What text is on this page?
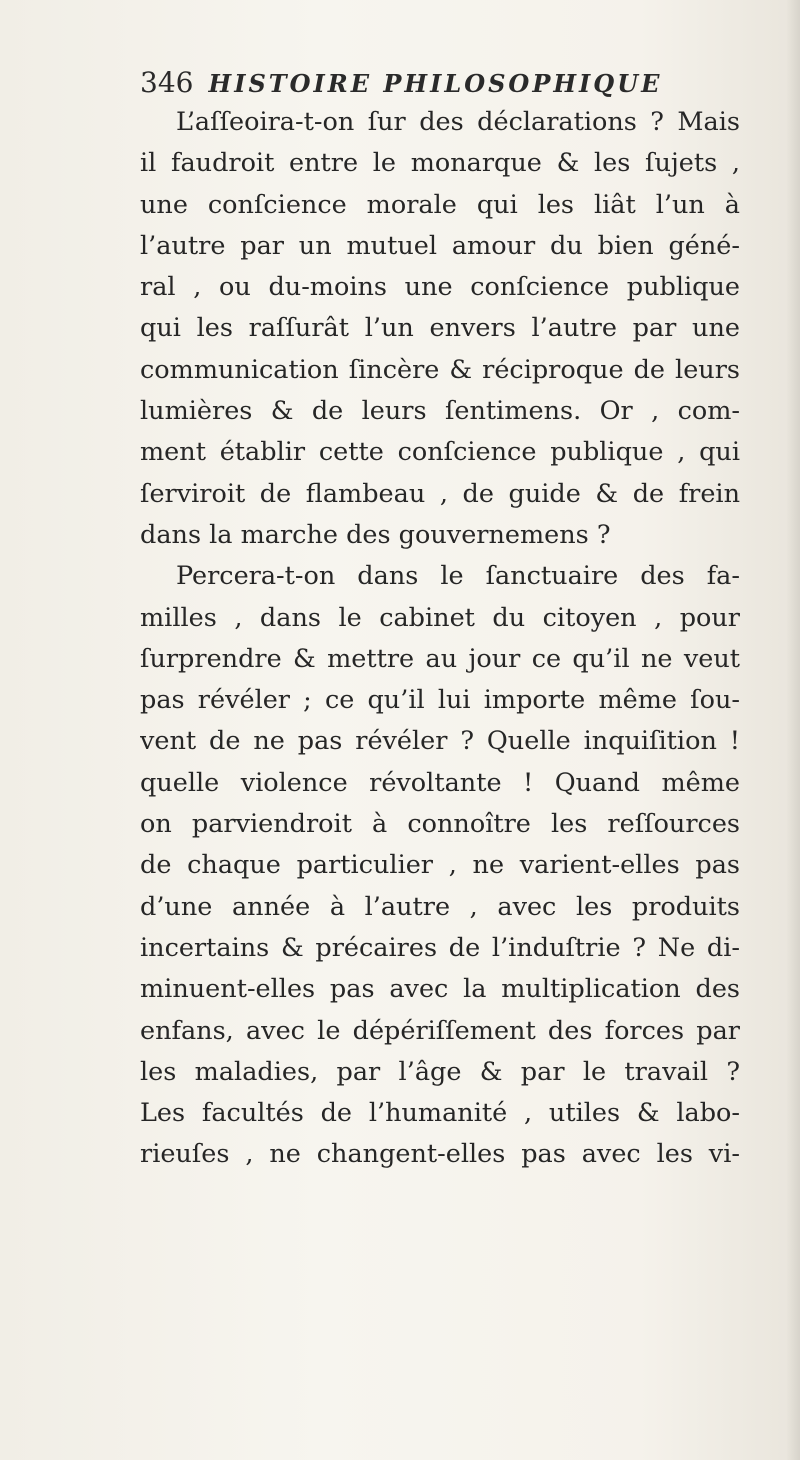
346 HISTOIRE PHILOSOPHIQUE
L’aſſeoira-t-on ſur des déclarations ? Mais
il faudroit entre le monarque & les ſujets ,
une conſcience morale qui les liât l’un à
l’autre par un mutuel amour du bien géné-
ral , ou du-moins une conſcience publique
qui les raſſurât l’un envers l’autre par une
communication ſincère & réciproque de leurs
lumières & de leurs ſentimens. Or , com-
ment établir cette conſcience publique , qui
ſerviroit de flambeau , de guide & de frein
dans la marche des gouvernemens ?
Percera-t-on dans le ſanctuaire des fa-
milles , dans le cabinet du citoyen , pour
ſurprendre & mettre au jour ce qu’il ne veut
pas révéler ; ce qu’il lui importe même ſou-
vent de ne pas révéler ? Quelle inquiſition !
quelle violence révoltante ! Quand même
on parviendroit à connoître les reſſources
de chaque particulier , ne varient-elles pas
d’une année à l’autre , avec les produits
incertains & précaires de l’induſtrie ? Ne di-
minuent-elles pas avec la multiplication des
enfans, avec le dépériſſement des forces par
les maladies, par l’âge & par le travail ?
Les facultés de l’humanité , utiles & labo-
rieuſes , ne changent-elles pas avec les vi-
